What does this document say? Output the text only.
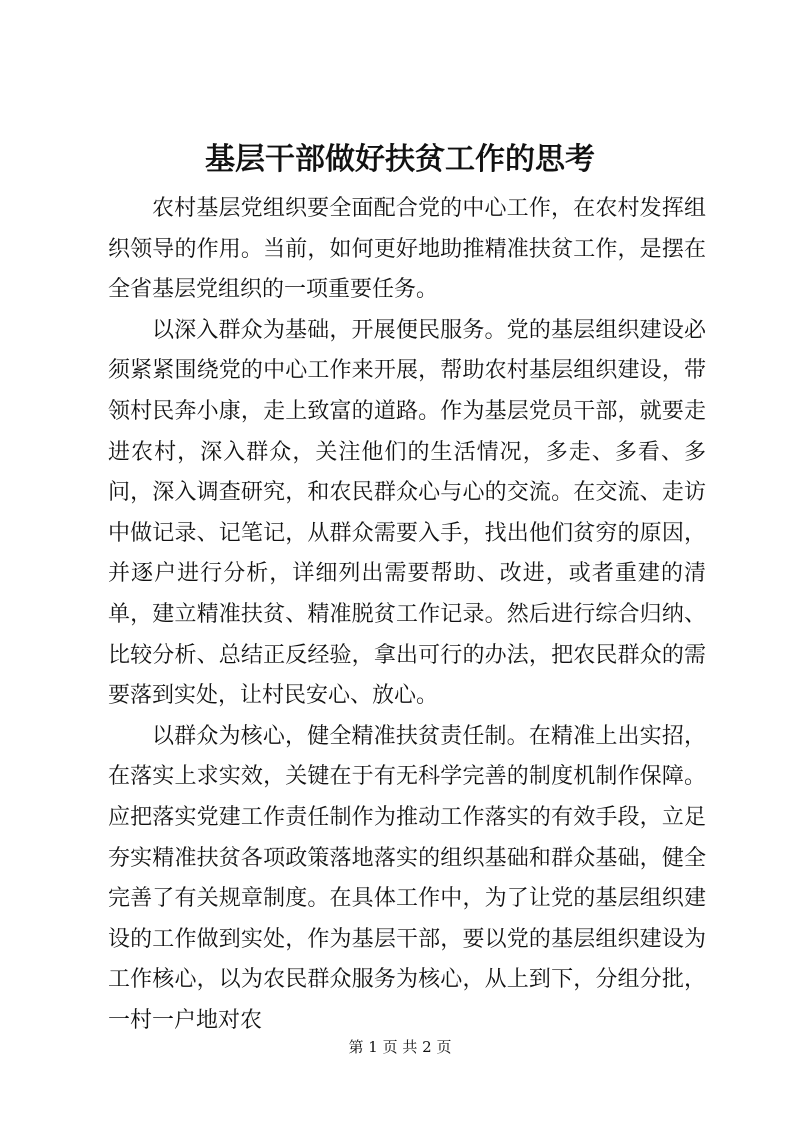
基层干部做好扶贫工作的思考

农村基层党组织要全面配合党的中心工作，在农村发挥组织领导的作用。当前，如何更好地助推精准扶贫工作，是摆在全省基层党组织的一项重要任务。

以深入群众为基础，开展便民服务。党的基层组织建设必须紧紧围绕党的中心工作来开展，帮助农村基层组织建设，带领村民奔小康，走上致富的道路。作为基层党员干部，就要走进农村，深入群众，关注他们的生活情况，多走、多看、多问，深入调查研究，和农民群众心与心的交流。在交流、走访中做记录、记笔记，从群众需要入手，找出他们贫穷的原因，并逐户进行分析，详细列出需要帮助、改进，或者重建的清单，建立精准扶贫、精准脱贫工作记录。然后进行综合归纳、比较分析、总结正反经验，拿出可行的办法，把农民群众的需要落到实处，让村民安心、放心。

以群众为核心，健全精准扶贫责任制。在精准上出实招，在落实上求实效，关键在于有无科学完善的制度机制作保障。应把落实党建工作责任制作为推动工作落实的有效手段，立足夯实精准扶贫各项政策落地落实的组织基础和群众基础，健全完善了有关规章制度。在具体工作中，为了让党的基层组织建设的工作做到实处，作为基层干部，要以党的基层组织建设为工作核心，以为农民群众服务为核心，从上到下，分组分批，一村一户地对农

第 1 页 共 2 页
